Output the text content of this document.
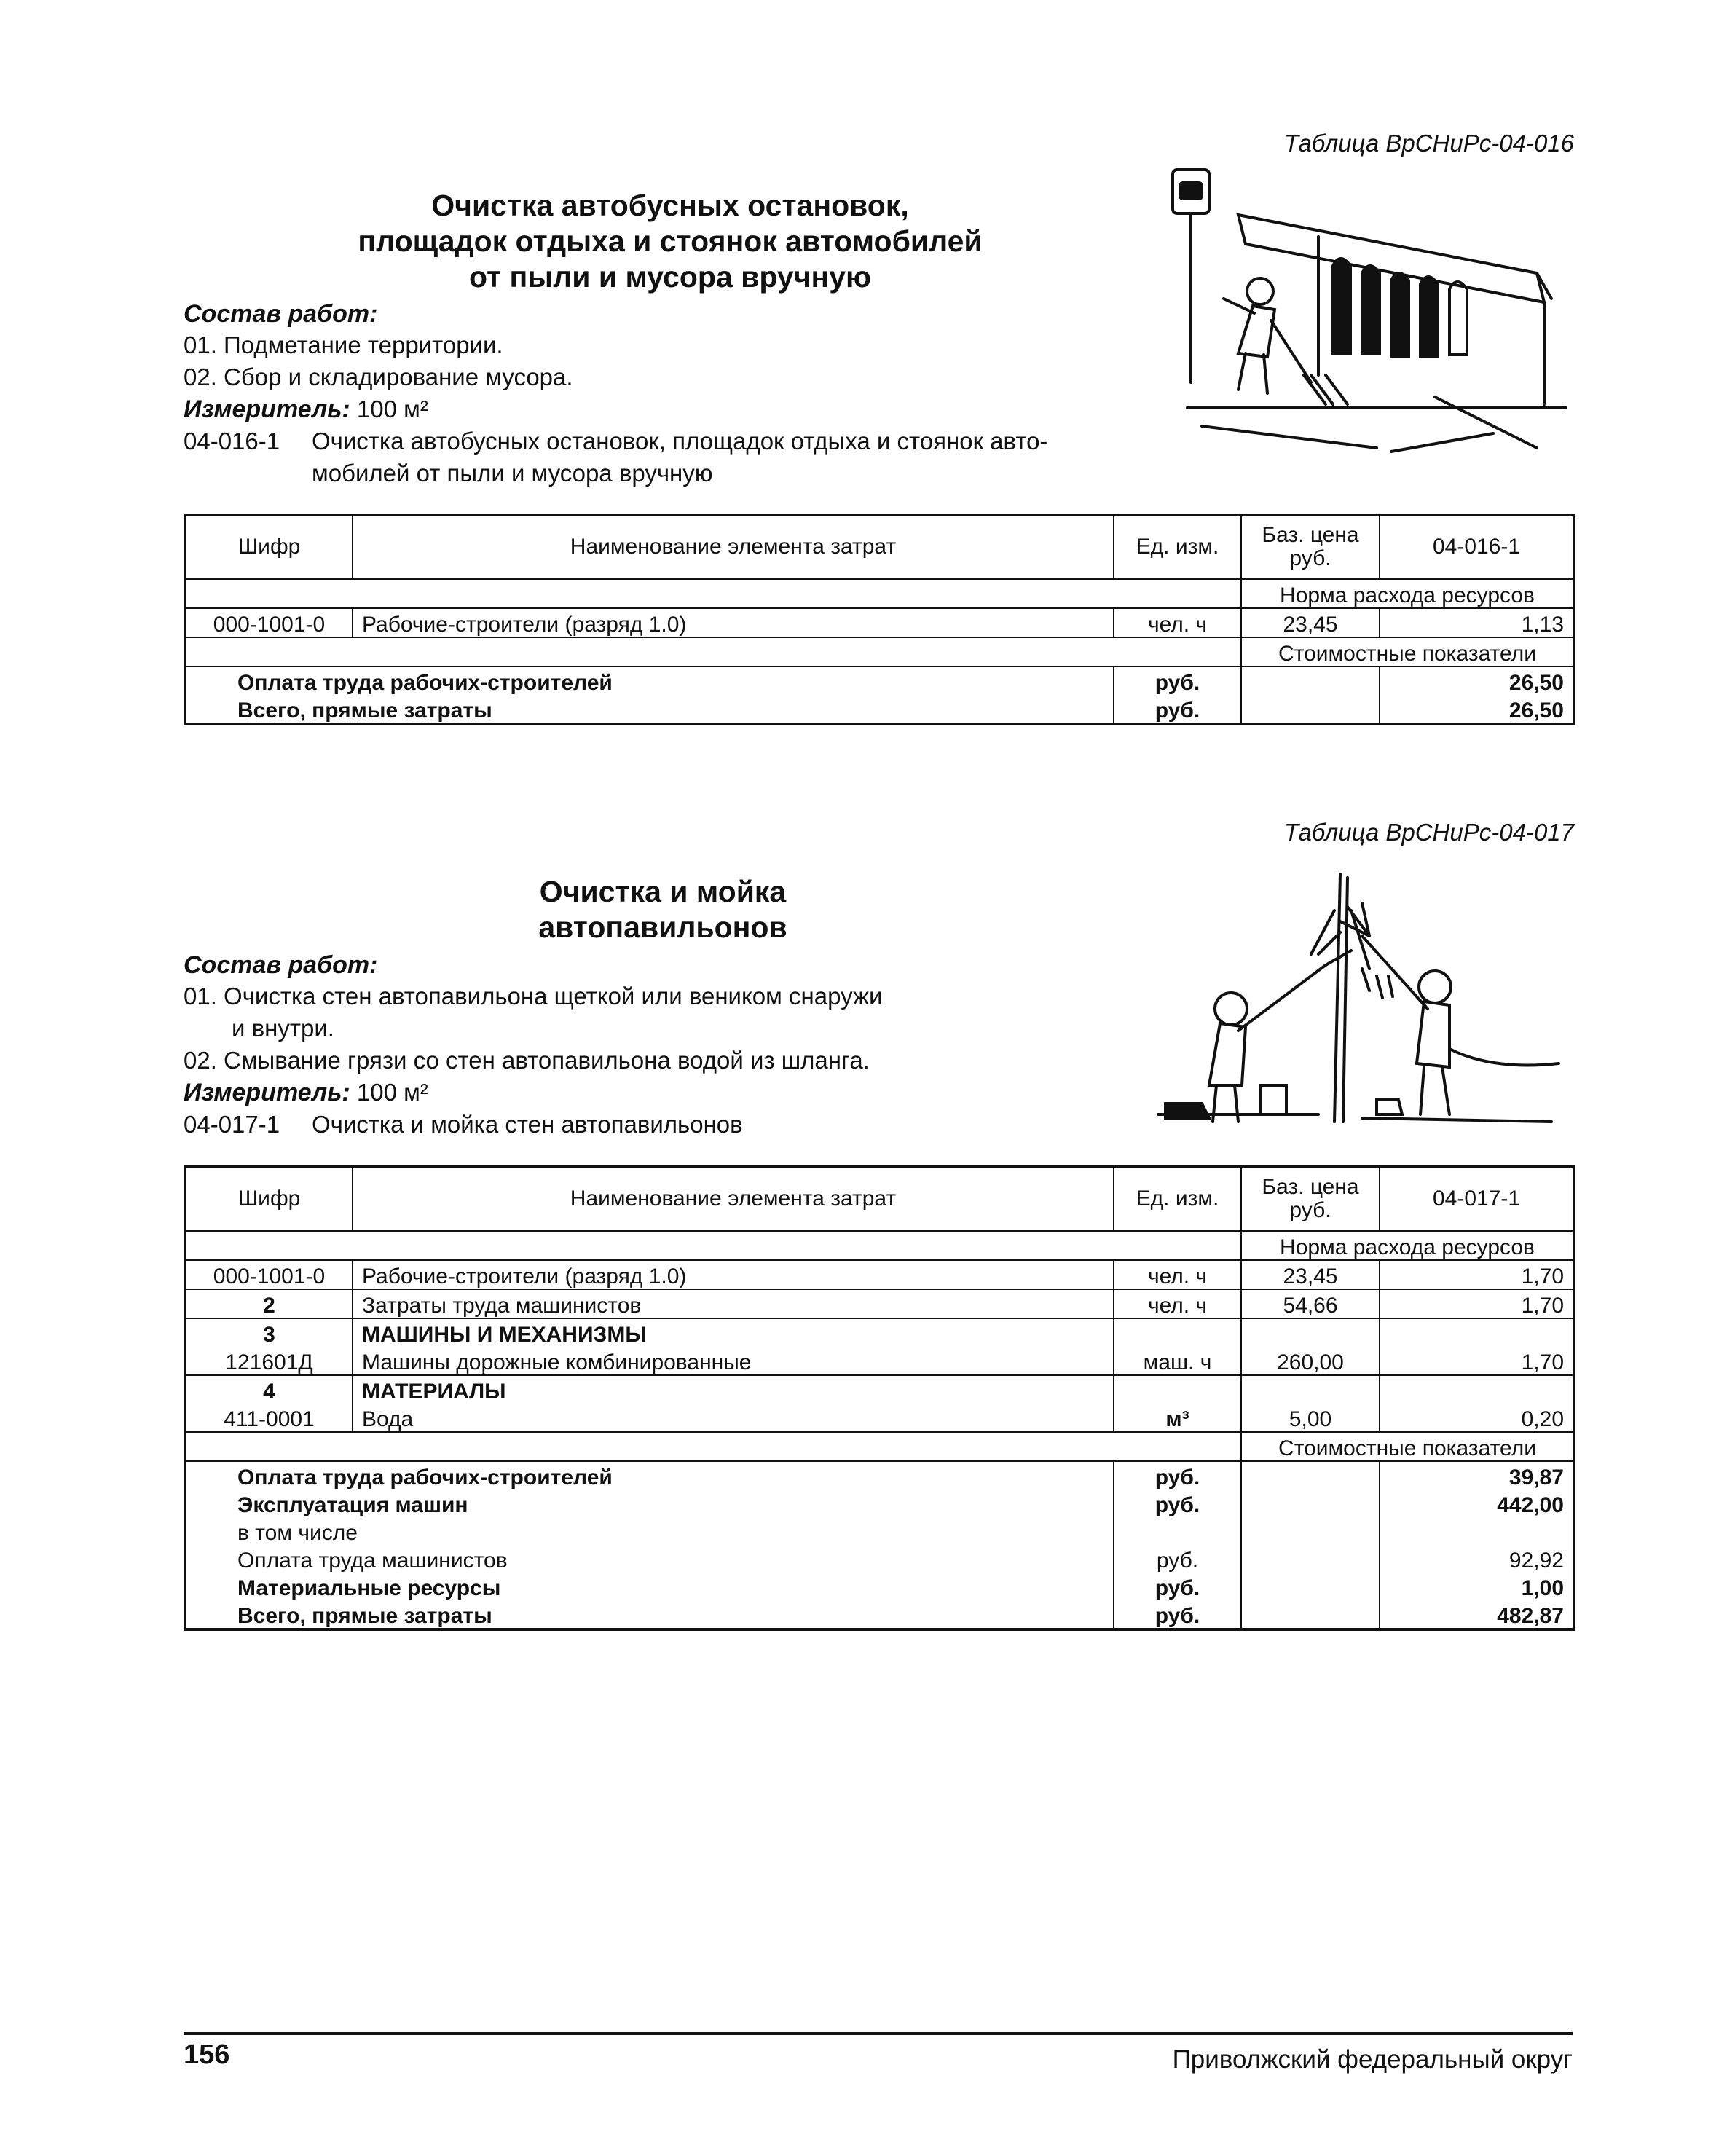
Таблица ВрСНиРс-04-016
Очистка автобусных остановок,
площадок отдыха и стоянок автомобилей
от пыли и мусора вручную
Состав работ:
01. Подметание территории.
02. Сбор и складирование мусора.
Измеритель: 100 м²
04-016-1 Очистка автобусных остановок, площадок отдыха и стоянок авто-
мобилей от пыли и мусора вручную
Шифр	Наименование элемента затрат	Ед. изм.	Баз. цена руб.	04-016-1
			Норма расхода ресурсов	
000-1001-0	Рабочие-строители (разряд 1.0)	чел. ч	23,45	1,13
			Стоимостные показатели	
Оплата труда рабочих-строителей		руб.		26,50
Всего, прямые затраты		руб.		26,50
Таблица ВрСНиРс-04-017
Очистка и мойка
автопавильонов
Состав работ:
01. Очистка стен автопавильона щеткой или веником снаружи
и внутри.
02. Смывание грязи со стен автопавильона водой из шланга.
Измеритель: 100 м²
04-017-1 Очистка и мойка стен автопавильонов
Шифр	Наименование элемента затрат	Ед. изм.	Баз. цена руб.	04-017-1
			Норма расхода ресурсов	
000-1001-0	Рабочие-строители (разряд 1.0)	чел. ч	23,45	1,70
2	Затраты труда машинистов	чел. ч	54,66	1,70
3	МАШИНЫ И МЕХАНИЗМЫ			
121601Д	Машины дорожные комбинированные	маш. ч	260,00	1,70
4	МАТЕРИАЛЫ			
411-0001	Вода	м³	5,00	0,20
			Стоимостные показатели	
Оплата труда рабочих-строителей		руб.		39,87
Эксплуатация машин		руб.		442,00
в том числе				
Оплата труда машинистов		руб.		92,92
Материальные ресурсы		руб.		1,00
Всего, прямые затраты		руб.		482,87
156	Приволжский федеральный округ
